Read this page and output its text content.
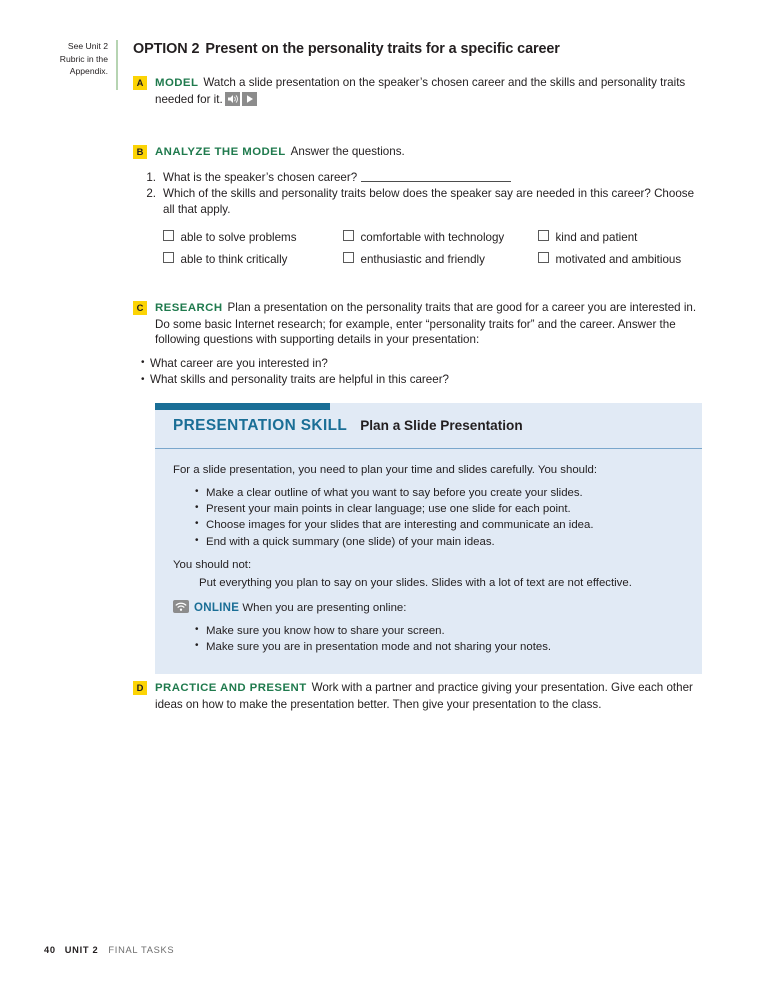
See Unit 2
Rubric in the
Appendix.
OPTION 2 Present on the personality traits for a specific career
A	MODEL Watch a slide presentation on the speaker’s chosen career and the skills and personality traits needed for it.
B	ANALYZE THE MODEL Answer the questions.
1. What is the speaker’s chosen career?
2. Which of the skills and personality traits below does the speaker say are needed in this career? Choose all that apply.
able to solve problems	comfortable with technology	kind and patient
able to think critically	enthusiastic and friendly	motivated and ambitious
C	RESEARCH Plan a presentation on the personality traits that are good for a career you are interested in. Do some basic Internet research; for example, enter “personality traits for” and the career. Answer the following questions with supporting details in your presentation:
• What career are you interested in?
• What skills and personality traits are helpful in this career?
PRESENTATION SKILL Plan a Slide Presentation

For a slide presentation, you need to plan your time and slides carefully. You should:

• Make a clear outline of what you want to say before you create your slides.
• Present your main points in clear language; use one slide for each point.
• Choose images for your slides that are interesting and communicate an idea.
• End with a quick summary (one slide) of your main ideas.

You should not:

Put everything you plan to say on your slides. Slides with a lot of text are not effective.

ONLINE When you are presenting online:
• Make sure you know how to share your screen.
• Make sure you are in presentation mode and not sharing your notes.
D	PRACTICE AND PRESENT Work with a partner and practice giving your presentation. Give each other ideas on how to make the presentation better. Then give your presentation to the class.
40 UNIT 2 FINAL TASKS
